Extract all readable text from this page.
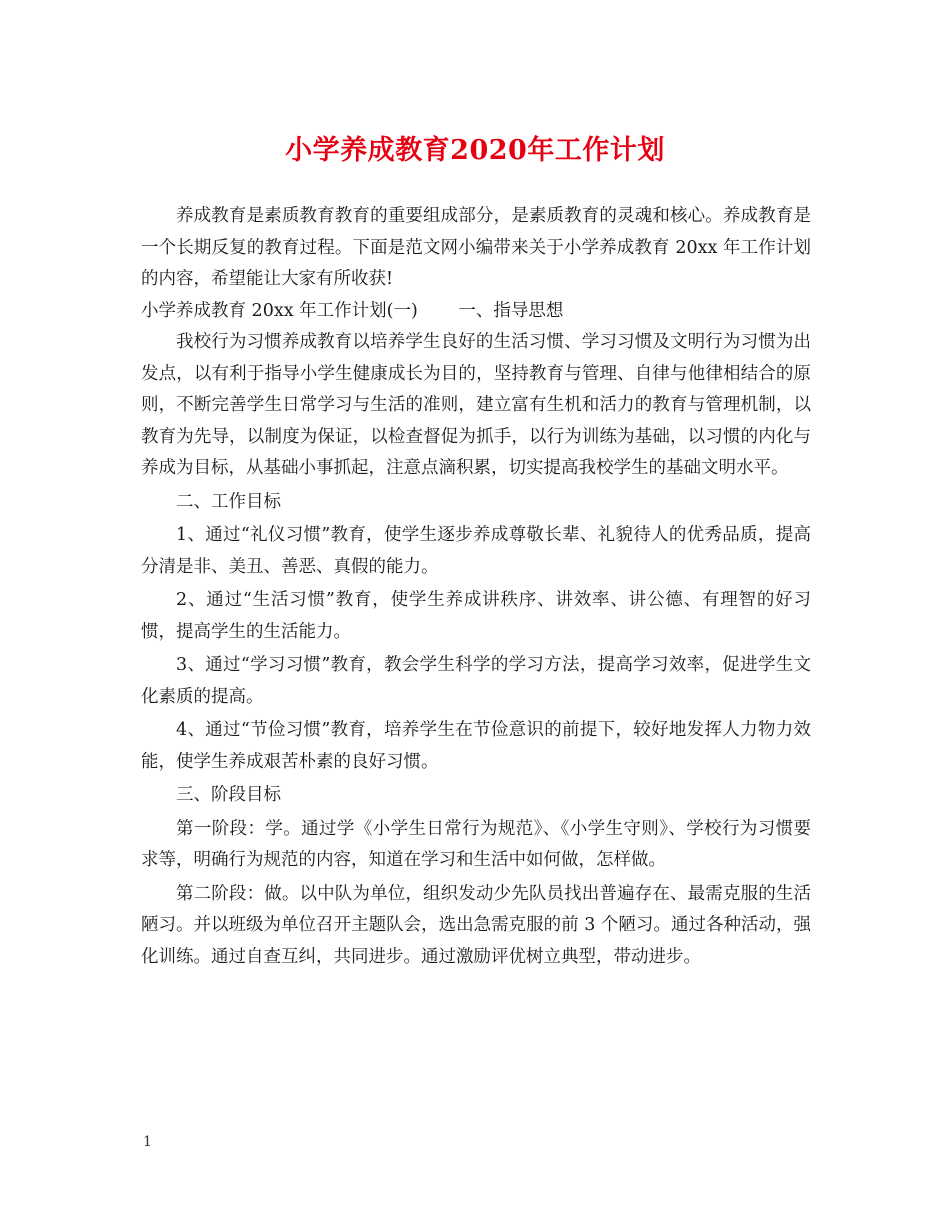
小学养成教育2020年工作计划

养成教育是素质教育教育的重要组成部分，是素质教育的灵魂和核心。养成教育是一个长期反复的教育过程。下面是范文网小编带来关于小学养成教育 20xx 年工作计划的内容，希望能让大家有所收获!

小学养成教育 20xx 年工作计划(一)　　 一、指导思想

我校行为习惯养成教育以培养学生良好的生活习惯、学习习惯及文明行为习惯为出发点，以有利于指导小学生健康成长为目的，坚持教育与管理、自律与他律相结合的原则，不断完善学生日常学习与生活的准则，建立富有生机和活力的教育与管理机制，以教育为先导，以制度为保证，以检查督促为抓手，以行为训练为基础，以习惯的内化与养成为目标，从基础小事抓起，注意点滴积累，切实提高我校学生的基础文明水平。

二、工作目标

1、通过“礼仪习惯”教育，使学生逐步养成尊敬长辈、礼貌待人的优秀品质，提高分清是非、美丑、善恶、真假的能力。

2、通过“生活习惯”教育，使学生养成讲秩序、讲效率、讲公德、有理智的好习惯，提高学生的生活能力。

3、通过“学习习惯”教育，教会学生科学的学习方法，提高学习效率，促进学生文化素质的提高。

4、通过“节俭习惯”教育，培养学生在节俭意识的前提下，较好地发挥人力物力效能，使学生养成艰苦朴素的良好习惯。

三、阶段目标

第一阶段：学。通过学《小学生日常行为规范》、《小学生守则》、学校行为习惯要求等，明确行为规范的内容，知道在学习和生活中如何做，怎样做。

第二阶段：做。以中队为单位，组织发动少先队员找出普遍存在、最需克服的生活陋习。并以班级为单位召开主题队会，选出急需克服的前 3 个陋习。通过各种活动，强化训练。通过自查互纠，共同进步。通过激励评优树立典型，带动进步。

1
